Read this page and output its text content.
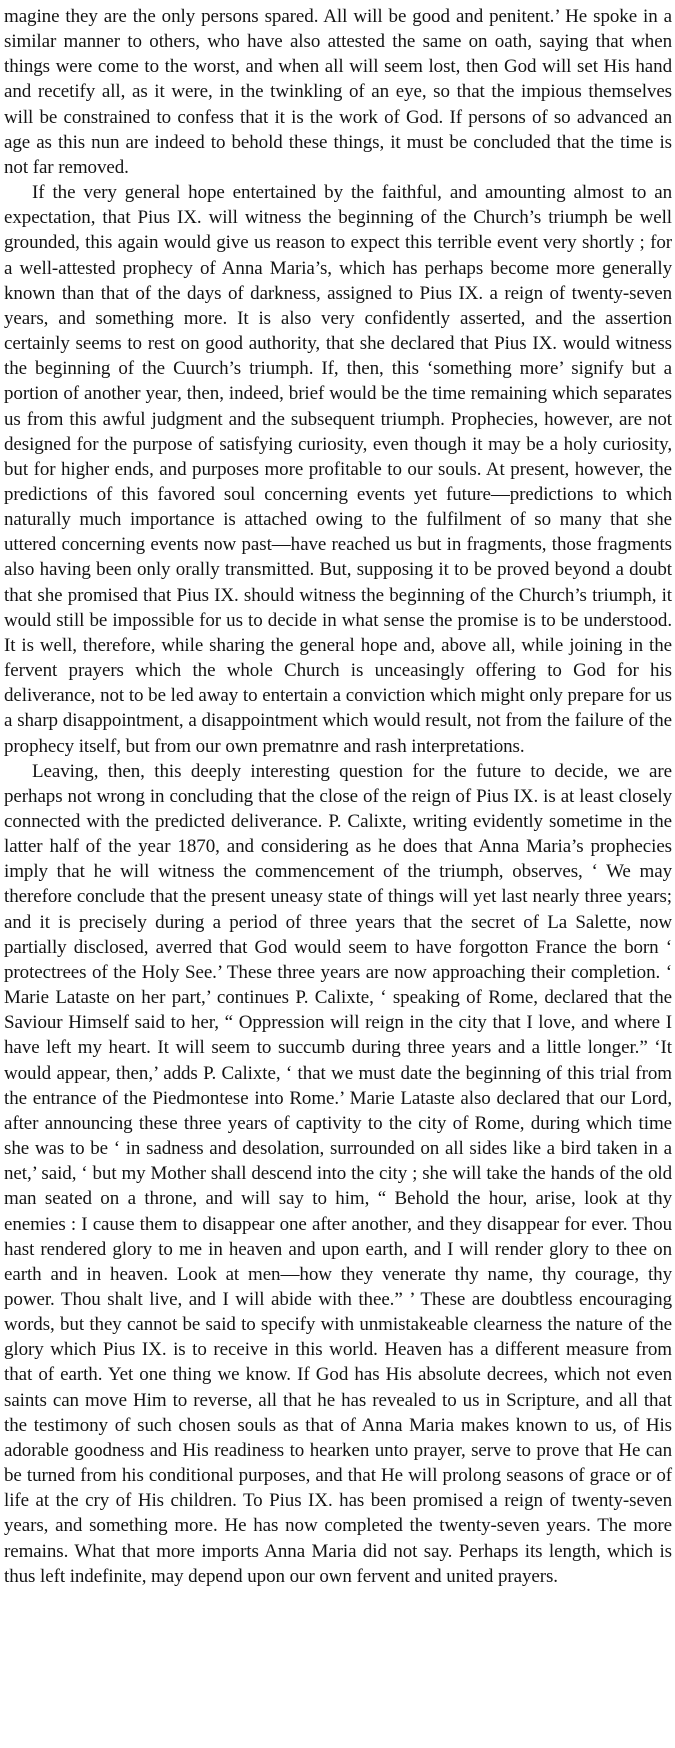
magine they are the only persons spared. All will be good and penitent.’ He spoke in a similar manner to others, who have also attested the same on oath, saying that when things were come to the worst, and when all will seem lost, then God will set His hand and recetify all, as it were, in the twinkling of an eye, so that the impious themselves will be constrained to confess that it is the work of God. If persons of so advanced an age as this nun are indeed to behold these things, it must be concluded that the time is not far removed.

If the very general hope entertained by the faithful, and amounting almost to an expectation, that Pius IX. will witness the beginning of the Church’s triumph be well grounded, this again would give us reason to expect this terrible event very shortly ; for a well-attested prophecy of Anna Maria’s, which has perhaps become more generally known than that of the days of darkness, assigned to Pius IX. a reign of twenty-seven years, and something more. It is also very confidently asserted, and the assertion certainly seems to rest on good authority, that she declared that Pius IX. would witness the beginning of the Cuurch’s triumph. If, then, this ‘something more’ signify but a portion of another year, then, indeed, brief would be the time remaining which separates us from this awful judgment and the subsequent triumph. Prophecies, however, are not designed for the purpose of satisfying curiosity, even though it may be a holy curiosity, but for higher ends, and purposes more profitable to our souls. At present, however, the predictions of this favored soul concerning events yet future—predictions to which naturally much importance is attached owing to the fulfilment of so many that she uttered concerning events now past—have reached us but in fragments, those fragments also having been only orally transmitted. But, supposing it to be proved beyond a doubt that she promised that Pius IX. should witness the beginning of the Church’s triumph, it would still be impossible for us to decide in what sense the promise is to be understood. It is well, therefore, while sharing the general hope and, above all, while joining in the fervent prayers which the whole Church is unceasingly offering to God for his deliverance, not to be led away to entertain a conviction which might only prepare for us a sharp disappointment, a disappointment which would result, not from the failure of the prophecy itself, but from our own prematnre and rash interpretations.

Leaving, then, this deeply interesting question for the future to decide, we are perhaps not wrong in concluding that the close of the reign of Pius IX. is at least closely connected with the predicted deliverance. P. Calixte, writing evidently sometime in the latter half of the year 1870, and considering as he does that Anna Maria’s prophecies imply that he will witness the commencement of the triumph, observes, ‘ We may therefore conclude that the present uneasy state of things will yet last nearly three years; and it is precisely during a period of three years that the secret of La Salette, now partially disclosed, averred that God would seem to have forgotton France the born ‘ protectrees of the Holy See.’ These three years are now approaching their completion. ‘ Marie Lataste on her part,’ continues P. Calixte, ‘ speaking of Rome, declared that the Saviour Himself said to her, “ Oppression will reign in the city that I love, and where I have left my heart. It will seem to succumb during three years and a little longer.” ‘It would appear, then,’ adds P. Calixte, ‘ that we must date the beginning of this trial from the entrance of the Piedmontese into Rome.’ Marie Lataste also declared that our Lord, after announcing these three years of captivity to the city of Rome, during which time she was to be ‘ in sadness and desolation, surrounded on all sides like a bird taken in a net,’ said, ‘ but my Mother shall descend into the city ; she will take the hands of the old man seated on a throne, and will say to him, “ Behold the hour, arise, look at thy enemies : I cause them to disappear one after another, and they disappear for ever. Thou hast rendered glory to me in heaven and upon earth, and I will render glory to thee on earth and in heaven. Look at men—how they venerate thy name, thy courage, thy power. Thou shalt live, and I will abide with thee.” ’ These are doubtless encouraging words, but they cannot be said to specify with unmistakeable clearness the nature of the glory which Pius IX. is to receive in this world. Heaven has a different measure from that of earth. Yet one thing we know. If God has His absolute decrees, which not even saints can move Him to reverse, all that he has revealed to us in Scripture, and all that the testimony of such chosen souls as that of Anna Maria makes known to us, of His adorable goodness and His readiness to hearken unto prayer, serve to prove that He can be turned from his conditional purposes, and that He will prolong seasons of grace or of life at the cry of His children. To Pius IX. has been promised a reign of twenty-seven years, and something more. He has now completed the twenty-seven years. The more remains. What that more imports Anna Maria did not say. Perhaps its length, which is thus left indefinite, may depend upon our own fervent and united prayers.
